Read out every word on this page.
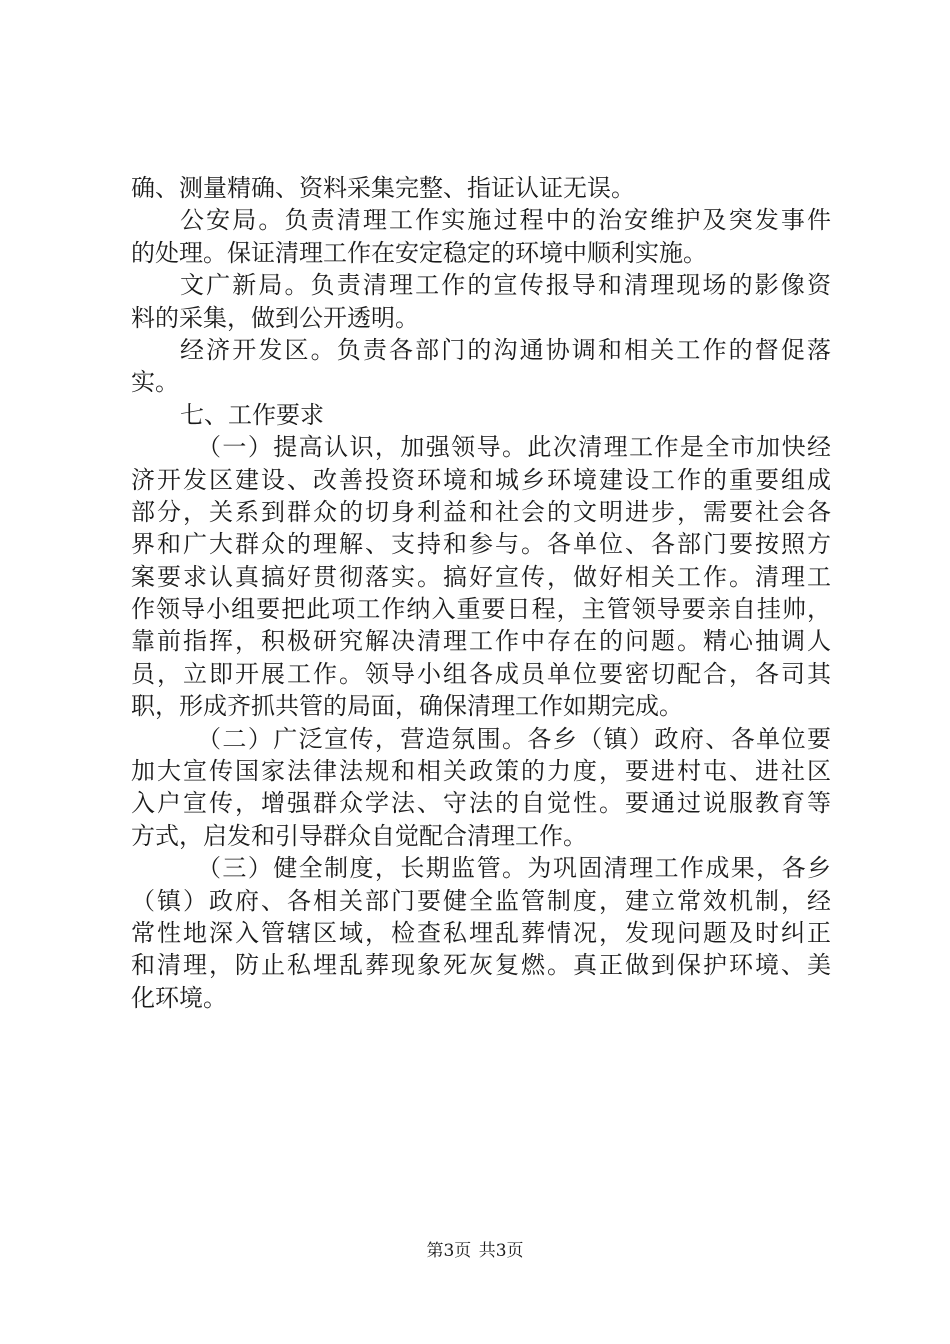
确、测量精确、资料采集完整、指证认证无误。
公安局。负责清理工作实施过程中的治安维护及突发事件
的处理。保证清理工作在安定稳定的环境中顺利实施。
文广新局。负责清理工作的宣传报导和清理现场的影像资
料的采集，做到公开透明。
经济开发区。负责各部门的沟通协调和相关工作的督促落
实。
七、工作要求
（一）提高认识，加强领导。此次清理工作是全市加快经
济开发区建设、改善投资环境和城乡环境建设工作的重要组成
部分，关系到群众的切身利益和社会的文明进步，需要社会各
界和广大群众的理解、支持和参与。各单位、各部门要按照方
案要求认真搞好贯彻落实。搞好宣传，做好相关工作。清理工
作领导小组要把此项工作纳入重要日程，主管领导要亲自挂帅，
靠前指挥，积极研究解决清理工作中存在的问题。精心抽调人
员，立即开展工作。领导小组各成员单位要密切配合，各司其
职，形成齐抓共管的局面，确保清理工作如期完成。
（二）广泛宣传，营造氛围。各乡（镇）政府、各单位要
加大宣传国家法律法规和相关政策的力度，要进村屯、进社区
入户宣传，增强群众学法、守法的自觉性。要通过说服教育等
方式，启发和引导群众自觉配合清理工作。
（三）健全制度，长期监管。为巩固清理工作成果，各乡
（镇）政府、各相关部门要健全监管制度，建立常效机制，经
常性地深入管辖区域，检查私埋乱葬情况，发现问题及时纠正
和清理，防止私埋乱葬现象死灰复燃。真正做到保护环境、美
化环境。
第3页 共3页
